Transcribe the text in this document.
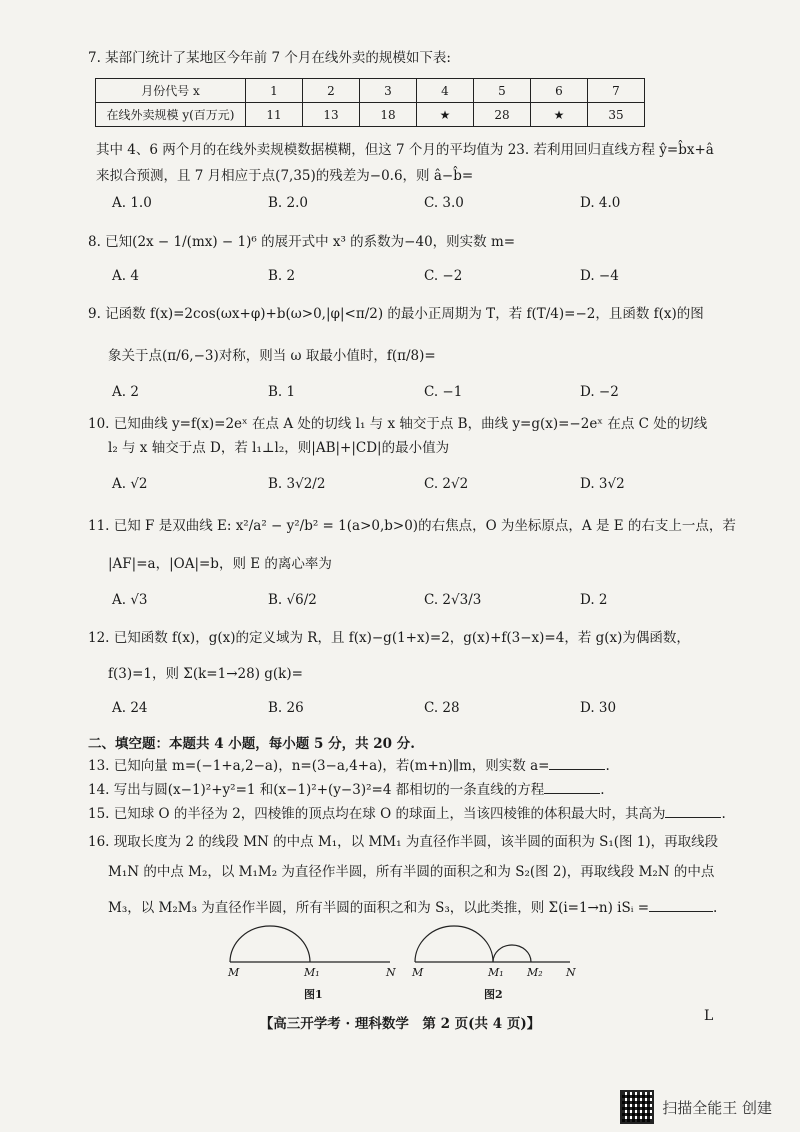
7. 某部门统计了某地区今年前 7 个月在线外卖的规模如下表:
月份代号 x	1	2	3	4	5	6	7
在线外卖规模 y(百万元)	11	13	18	★	28	★	35
其中 4、6 两个月的在线外卖规模数据模糊，但这 7 个月的平均值为 23. 若利用回归直线方程 ŷ=b̂x+â
来拟合预测，且 7 月相应于点(7,35)的残差为−0.6，则 â−b̂=
A. 1.0	B. 2.0	C. 3.0	D. 4.0
8. 已知(2x − 1/(mx) − 1)⁶ 的展开式中 x³ 的系数为−40，则实数 m=
A. 4	B. 2	C. −2	D. −4
9. 记函数 f(x)=2cos(ωx+φ)+b(ω>0,|φ|<π/2) 的最小正周期为 T，若 f(T/4)=−2，且函数 f(x)的图
象关于点(π/6,−3)对称，则当 ω 取最小值时，f(π/8)=
A. 2	B. 1	C. −1	D. −2
10. 已知曲线 y=f(x)=2eˣ 在点 A 处的切线 l₁ 与 x 轴交于点 B，曲线 y=g(x)=−2eˣ 在点 C 处的切线
l₂ 与 x 轴交于点 D，若 l₁⊥l₂，则|AB|+|CD|的最小值为
A. √2	B. 3√2/2	C. 2√2	D. 3√2
11. 已知 F 是双曲线 E: x²/a² − y²/b² = 1(a>0,b>0)的右焦点，O 为坐标原点，A 是 E 的右支上一点，若
|AF|=a，|OA|=b，则 E 的离心率为
A. √3	B. √6/2	C. 2√3/3	D. 2
12. 已知函数 f(x)，g(x)的定义域为 R，且 f(x)−g(1+x)=2，g(x)+f(3−x)=4，若 g(x)为偶函数，
f(3)=1，则 Σ(k=1→28) g(k)=
A. 24	B. 26	C. 28	D. 30
二、填空题：本题共 4 小题，每小题 5 分，共 20 分.
13. 已知向量 m=(−1+a,2−a)，n=(3−a,4+a)，若(m+n)∥m，则实数 a=	.
14. 写出与圆(x−1)²+y²=1 和(x−1)²+(y−3)²=4 都相切的一条直线的方程	.
15. 已知球 O 的半径为 2，四棱锥的顶点均在球 O 的球面上，当该四棱锥的体积最大时，其高为	.
16. 现取长度为 2 的线段 MN 的中点 M₁，以 MM₁ 为直径作半圆，该半圆的面积为 S₁(图 1)，再取线段
M₁N 的中点 M₂，以 M₁M₂ 为直径作半圆，所有半圆的面积之和为 S₂(图 2)，再取线段 M₂N 的中点
M₃，以 M₂M₃ 为直径作半圆，所有半圆的面积之和为 S₃，以此类推，则 Σ(i=1→n) iSᵢ =	.
M	M₁	N
图1
M	M₁ M₂ N
图2
【高三开学考 · 理科数学　第 2 页(共 4 页)】	L
扫描全能王 创建
